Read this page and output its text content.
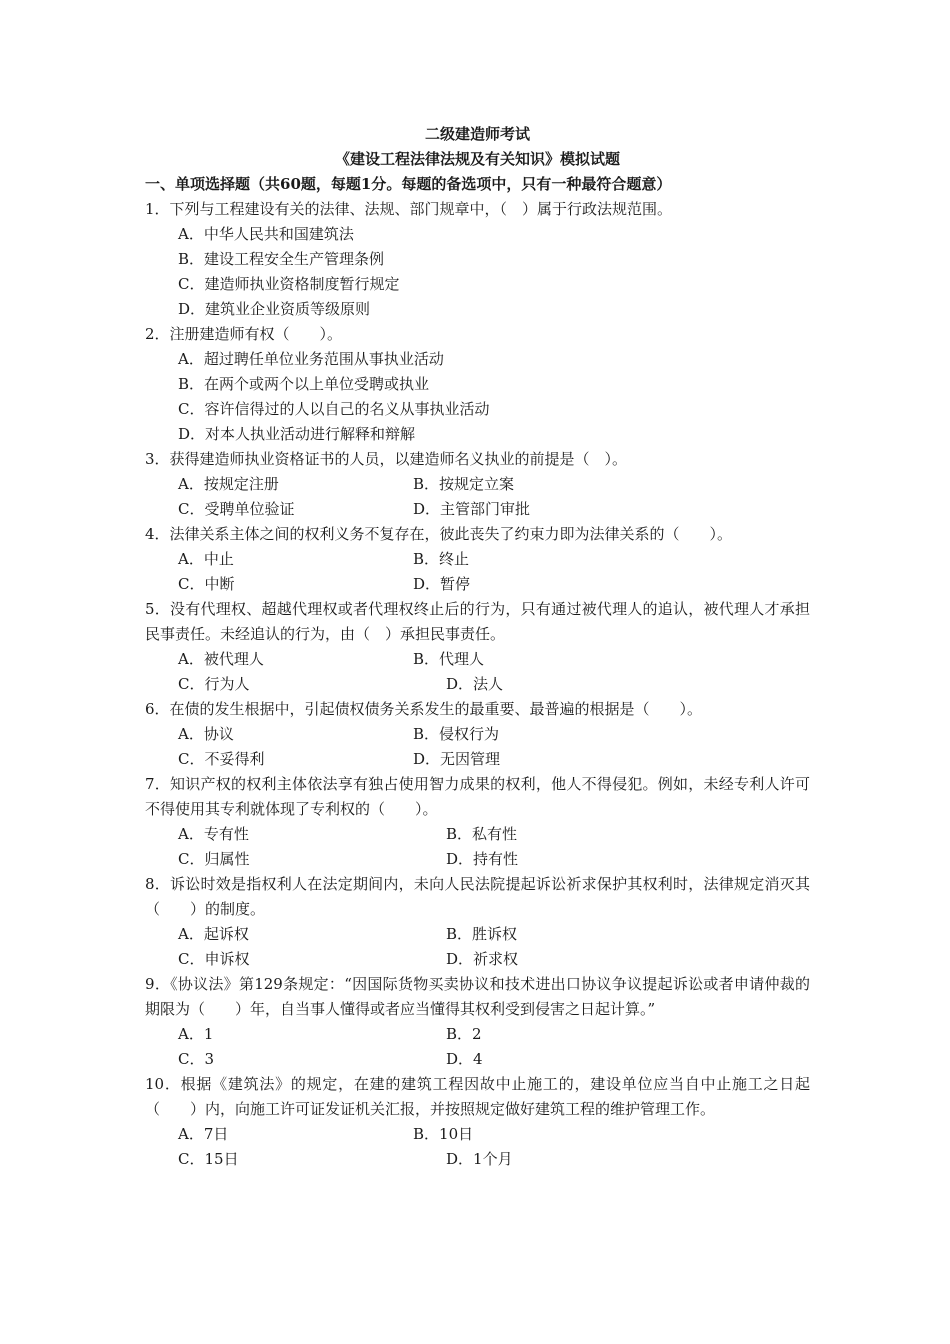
二级建造师考试
《建设工程法律法规及有关知识》模拟试题
一、单项选择题（共60题，每题1分。每题的备选项中，只有一种最符合题意）
1．下列与工程建设有关的法律、法规、部门规章中，（　）属于行政法规范围。
A．中华人民共和国建筑法
B．建设工程安全生产管理条例
C．建造师执业资格制度暂行规定
D．建筑业企业资质等级原则
2．注册建造师有权（　　）。
A．超过聘任单位业务范围从事执业活动
B．在两个或两个以上单位受聘或执业
C．容许信得过的人以自己的名义从事执业活动
D．对本人执业活动进行解释和辩解
3．获得建造师执业资格证书的人员，以建造师名义执业的前提是（　）。
A．按规定注册	B．按规定立案
C．受聘单位验证	D．主管部门审批
4．法律关系主体之间的权利义务不复存在，彼此丧失了约束力即为法律关系的（　　）。
A．中止	B．终止
C．中断	D．暂停
5．没有代理权、超越代理权或者代理权终止后的行为，只有通过被代理人的追认，被代理人才承担民事责任。未经追认的行为，由（　）承担民事责任。
A．被代理人	B．代理人
C．行为人	D．法人
6．在债的发生根据中，引起债权债务关系发生的最重要、最普遍的根据是（　　）。
A．协议	B．侵权行为
C．不妥得利	D．无因管理
7．知识产权的权利主体依法享有独占使用智力成果的权利，他人不得侵犯。例如，未经专利人许可不得使用其专利就体现了专利权的（　　）。
A．专有性	B．私有性
C．归属性	D．持有性
8．诉讼时效是指权利人在法定期间内，未向人民法院提起诉讼祈求保护其权利时，法律规定消灭其（　　）的制度。
A．起诉权	B．胜诉权
C．申诉权	D．祈求权
9．《协议法》第129条规定：“因国际货物买卖协议和技术进出口协议争议提起诉讼或者申请仲裁的期限为（　　）年，自当事人懂得或者应当懂得其权利受到侵害之日起计算。”
A．1	B．2
C．3	D．4
10．根据《建筑法》的规定，在建的建筑工程因故中止施工的，建设单位应当自中止施工之日起（　　）内，向施工许可证发证机关汇报，并按照规定做好建筑工程的维护管理工作。
A．7日	B．10日
C．15日	D．1个月
